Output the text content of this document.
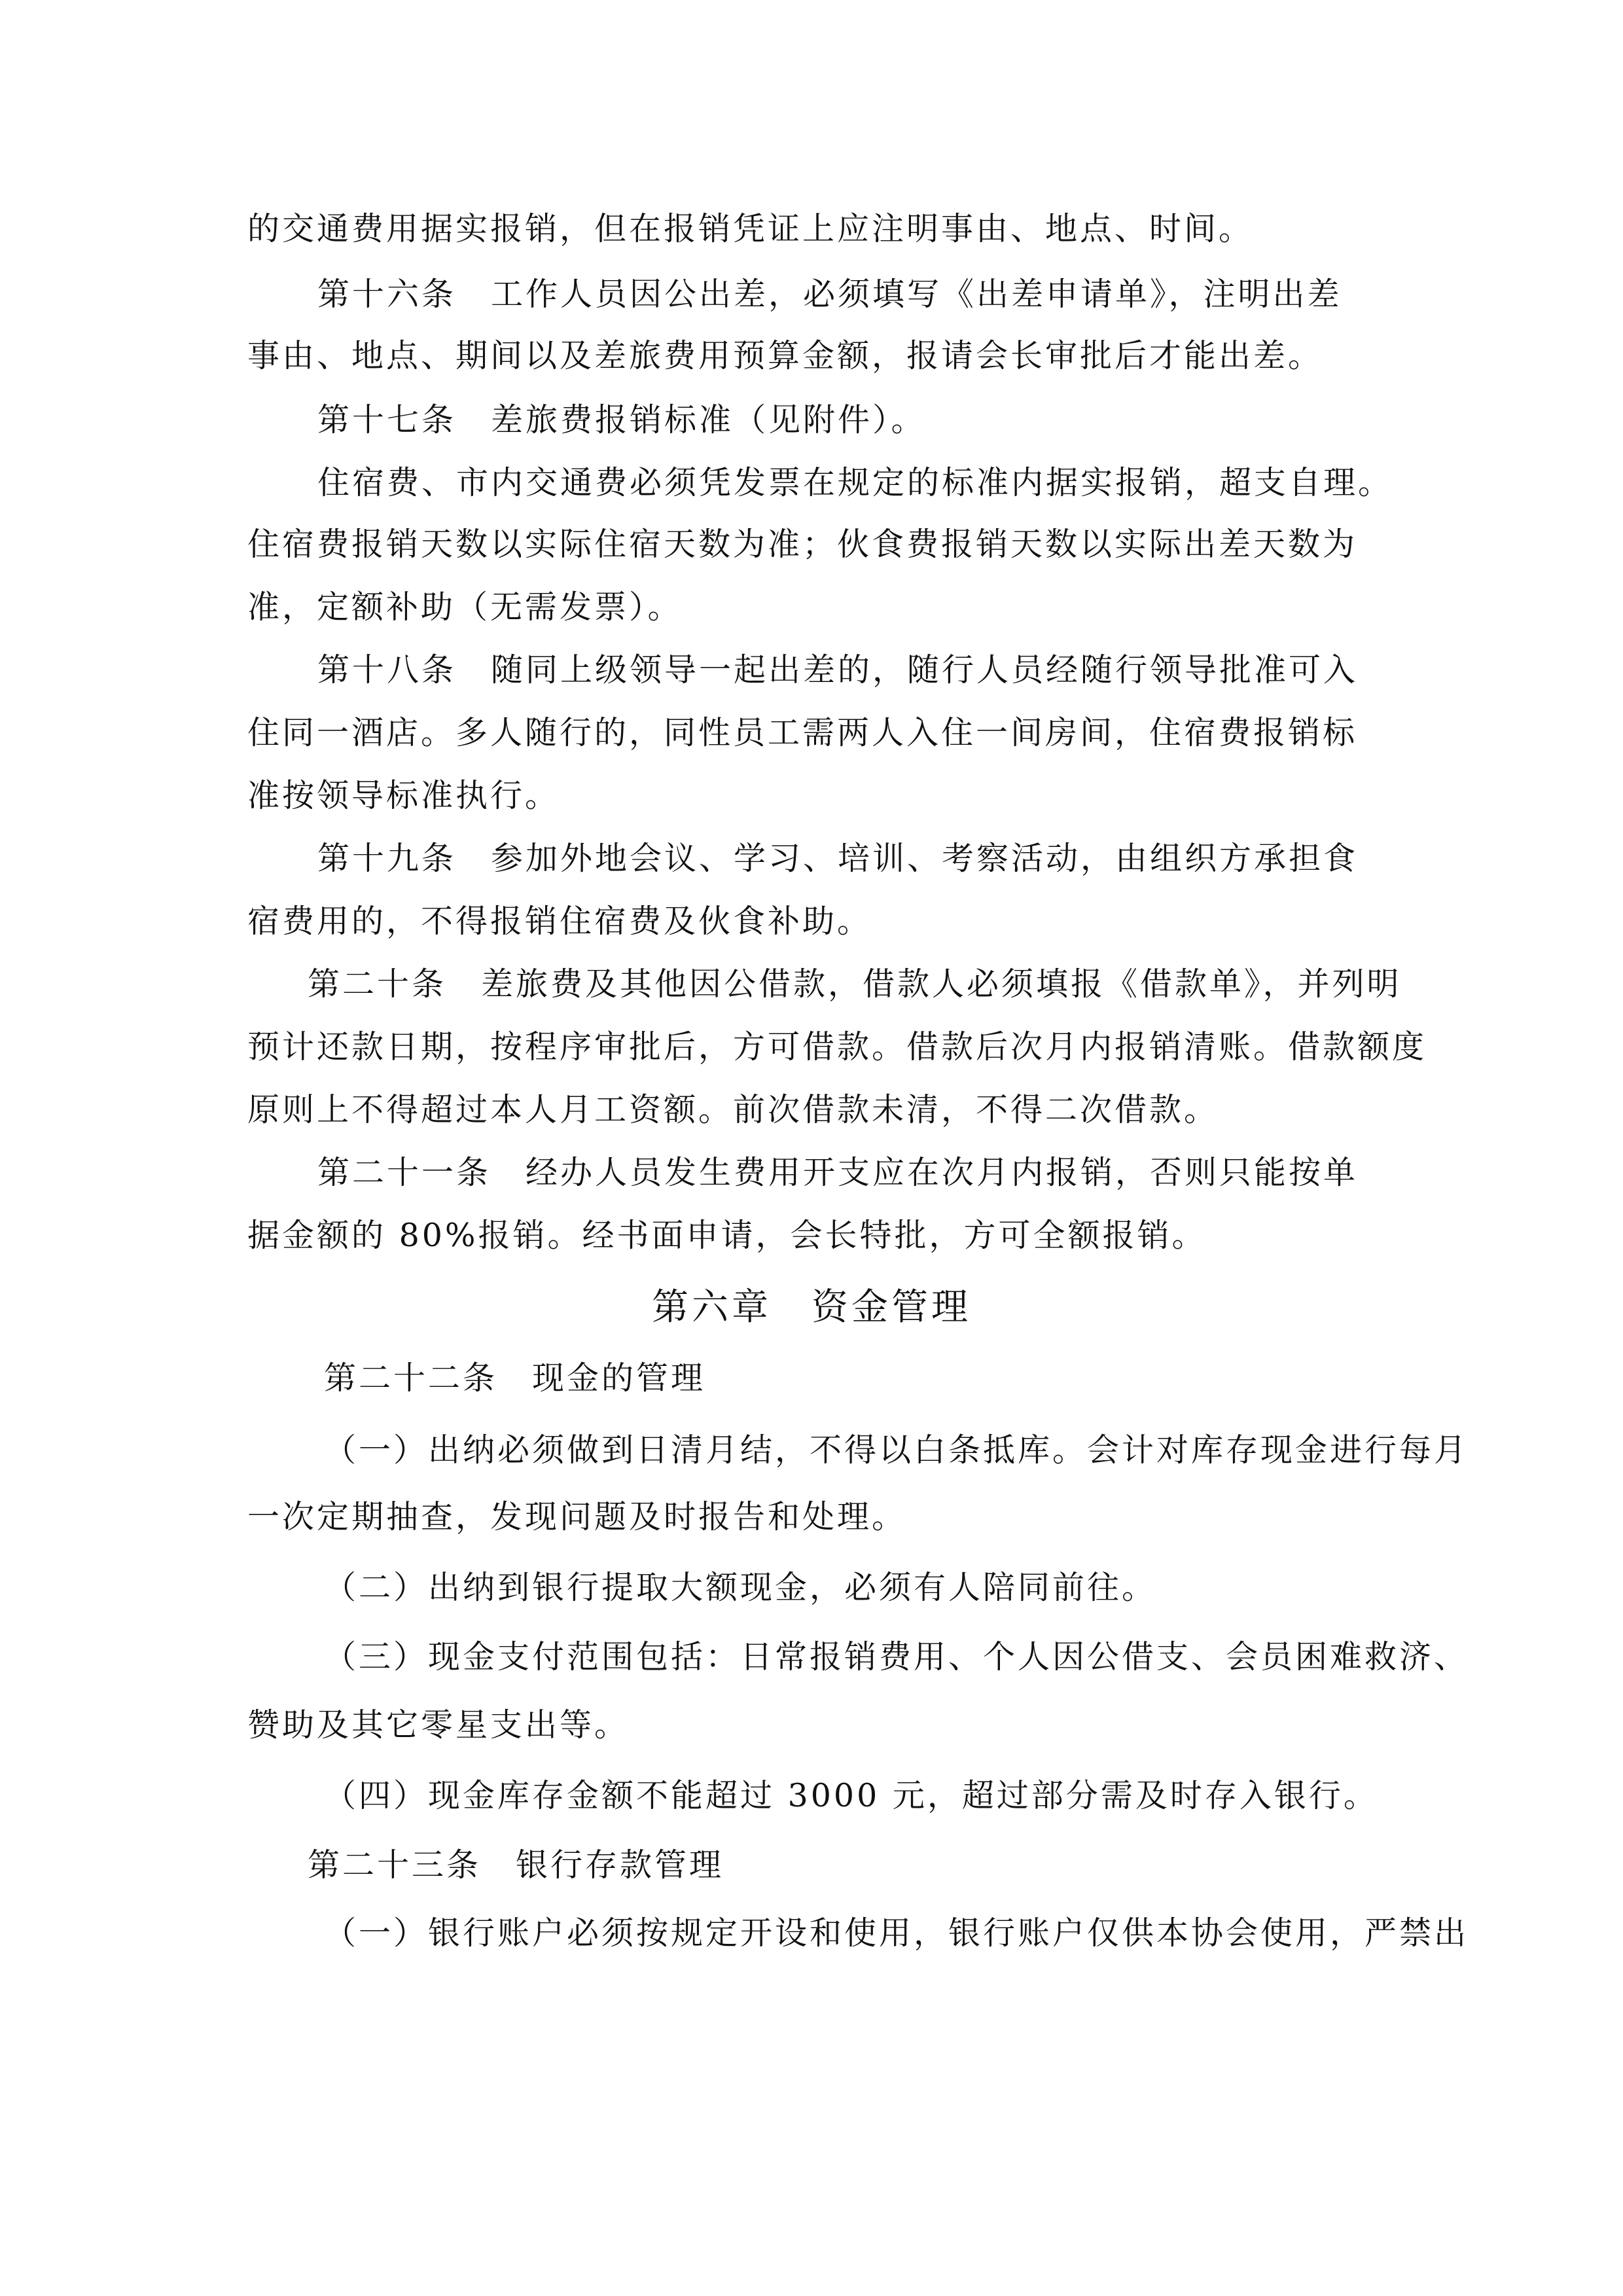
的交通费用据实报销，但在报销凭证上应注明事由、地点、时间。
第十六条　工作人员因公出差，必须填写《出差申请单》，注明出差
事由、地点、期间以及差旅费用预算金额，报请会长审批后才能出差。
第十七条　差旅费报销标准（见附件）。
住宿费、市内交通费必须凭发票在规定的标准内据实报销，超支自理。
住宿费报销天数以实际住宿天数为准；伙食费报销天数以实际出差天数为
准，定额补助（无需发票）。
第十八条　随同上级领导一起出差的，随行人员经随行领导批准可入
住同一酒店。多人随行的，同性员工需两人入住一间房间，住宿费报销标
准按领导标准执行。
第十九条　参加外地会议、学习、培训、考察活动，由组织方承担食
宿费用的，不得报销住宿费及伙食补助。
第二十条　差旅费及其他因公借款，借款人必须填报《借款单》，并列明
预计还款日期，按程序审批后，方可借款。借款后次月内报销清账。借款额度
原则上不得超过本人月工资额。前次借款未清，不得二次借款。
第二十一条　经办人员发生费用开支应在次月内报销，否则只能按单
据金额的 80%报销。经书面申请，会长特批，方可全额报销。
第六章　资金管理
第二十二条　现金的管理
（一）出纳必须做到日清月结，不得以白条抵库。会计对库存现金进行每月
一次定期抽查，发现问题及时报告和处理。
（二）出纳到银行提取大额现金，必须有人陪同前往。
（三）现金支付范围包括：日常报销费用、个人因公借支、会员困难救济、
赞助及其它零星支出等。
（四）现金库存金额不能超过 3000 元，超过部分需及时存入银行。
第二十三条　银行存款管理
（一）银行账户必须按规定开设和使用，银行账户仅供本协会使用，严禁出
